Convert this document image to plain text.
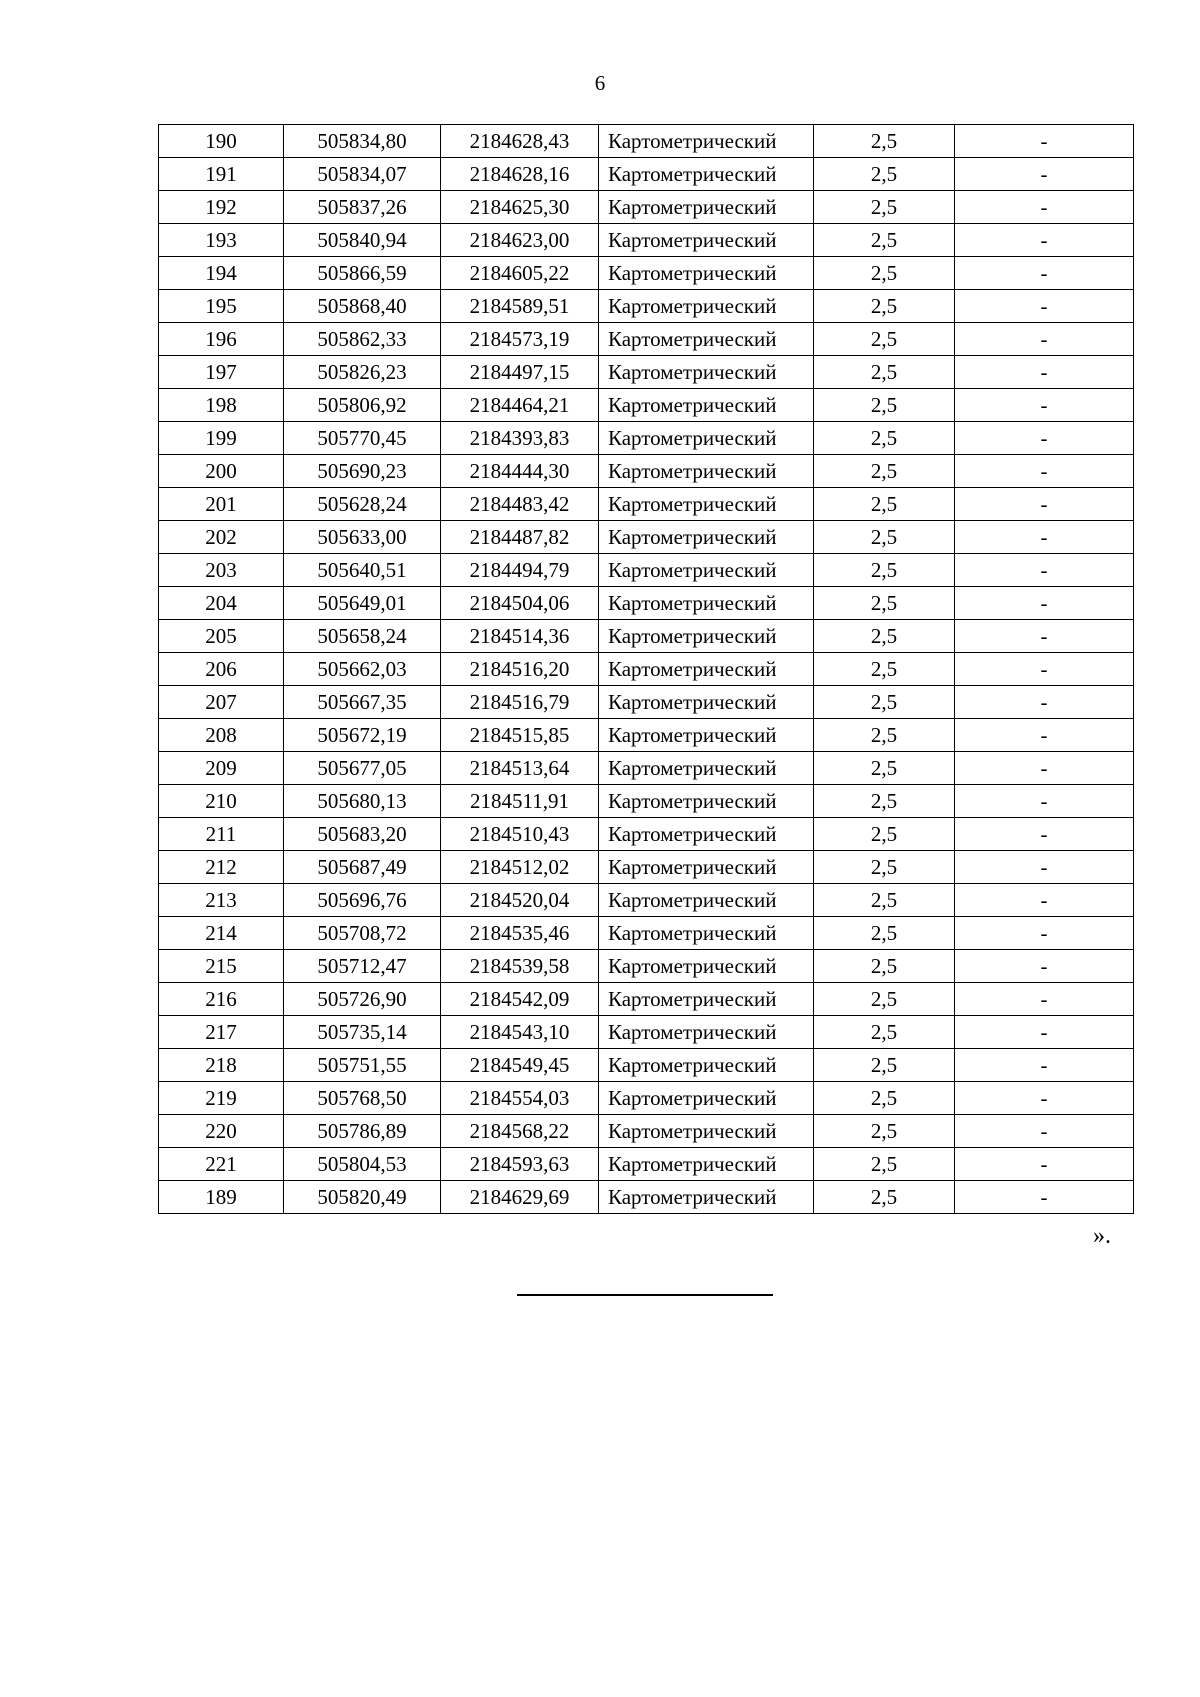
6
190	505834,80	2184628,43	Картометрический	2,5	-
191	505834,07	2184628,16	Картометрический	2,5	-
192	505837,26	2184625,30	Картометрический	2,5	-
193	505840,94	2184623,00	Картометрический	2,5	-
194	505866,59	2184605,22	Картометрический	2,5	-
195	505868,40	2184589,51	Картометрический	2,5	-
196	505862,33	2184573,19	Картометрический	2,5	-
197	505826,23	2184497,15	Картометрический	2,5	-
198	505806,92	2184464,21	Картометрический	2,5	-
199	505770,45	2184393,83	Картометрический	2,5	-
200	505690,23	2184444,30	Картометрический	2,5	-
201	505628,24	2184483,42	Картометрический	2,5	-
202	505633,00	2184487,82	Картометрический	2,5	-
203	505640,51	2184494,79	Картометрический	2,5	-
204	505649,01	2184504,06	Картометрический	2,5	-
205	505658,24	2184514,36	Картометрический	2,5	-
206	505662,03	2184516,20	Картометрический	2,5	-
207	505667,35	2184516,79	Картометрический	2,5	-
208	505672,19	2184515,85	Картометрический	2,5	-
209	505677,05	2184513,64	Картометрический	2,5	-
210	505680,13	2184511,91	Картометрический	2,5	-
211	505683,20	2184510,43	Картометрический	2,5	-
212	505687,49	2184512,02	Картометрический	2,5	-
213	505696,76	2184520,04	Картометрический	2,5	-
214	505708,72	2184535,46	Картометрический	2,5	-
215	505712,47	2184539,58	Картометрический	2,5	-
216	505726,90	2184542,09	Картометрический	2,5	-
217	505735,14	2184543,10	Картометрический	2,5	-
218	505751,55	2184549,45	Картометрический	2,5	-
219	505768,50	2184554,03	Картометрический	2,5	-
220	505786,89	2184568,22	Картометрический	2,5	-
221	505804,53	2184593,63	Картометрический	2,5	-
189	505820,49	2184629,69	Картометрический	2,5	-
».
